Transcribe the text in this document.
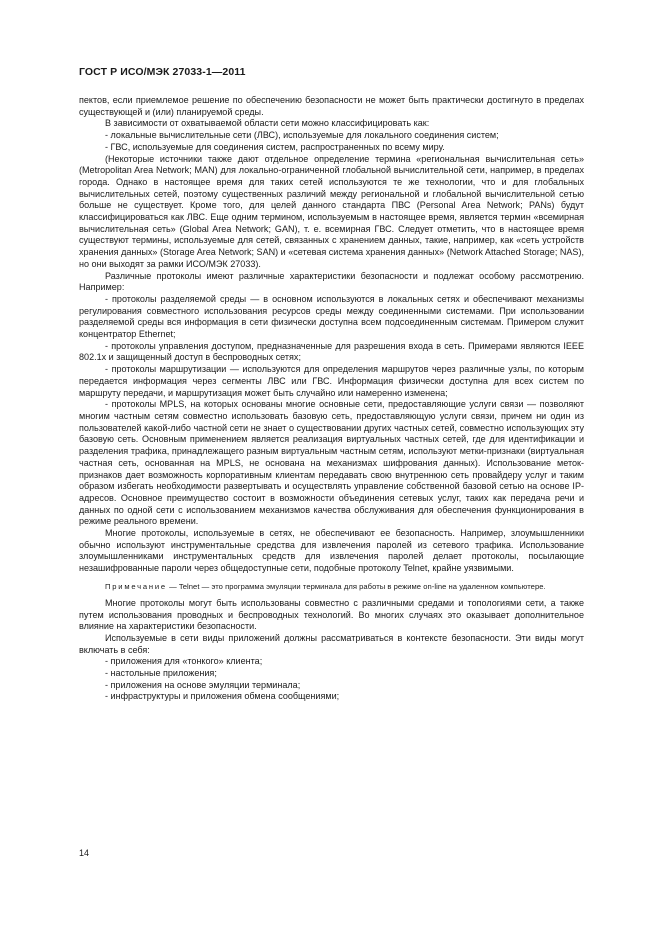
ГОСТ Р ИСО/МЭК 27033-1—2011

пектов, если приемлемое решение по обеспечению безопасности не может быть практически достигнуто в пределах существующей и (или) планируемой среды.

В зависимости от охватываемой области сети можно классифицировать как:

- локальные вычислительные сети (ЛВС), используемые для локального соединения систем;

- ГВС, используемые для соединения систем, распространенных по всему миру.

(Некоторые источники также дают отдельное определение термина «региональная вычислительная сеть» (Metropolitan Area Network; MAN) для локально-ограниченной глобальной вычислительной сети, например, в пределах города. Однако в настоящее время для таких сетей используются те же технологии, что и для глобальных вычислительных сетей, поэтому существенных различий между региональной и глобальной вычислительной сетью больше не существует. Кроме того, для целей данного стандарта ПВС (Personal Area Network; PANs) будут классифицироваться как ЛВС. Еще одним термином, используемым в настоящее время, является термин «всемирная вычислительная сеть» (Global Area Network; GAN), т. е. всемирная ГВС. Следует отметить, что в настоящее время существуют термины, используемые для сетей, связанных с хранением данных, такие, например, как «сеть устройств хранения данных» (Storage Area Network; SAN) и «сетевая система хранения данных» (Network Attached Storage; NAS), но они выходят за рамки ИСО/МЭК 27033).

Различные протоколы имеют различные характеристики безопасности и подлежат особому рассмотрению. Например:

- протоколы разделяемой среды — в основном используются в локальных сетях и обеспечивают механизмы регулирования совместного использования ресурсов среды между соединенными системами. При использовании разделяемой среды вся информация в сети физически доступна всем подсоединенным системам. Примером служит концентратор Ethernet;

- протоколы управления доступом, предназначенные для разрешения входа в сеть. Примерами являются IEEE 802.1x и защищенный доступ в беспроводных сетях;

- протоколы маршрутизации — используются для определения маршрутов через различные узлы, по которым передается информация через сегменты ЛВС или ГВС. Информация физически доступна для всех систем по маршруту передачи, и маршрутизация может быть случайно или намеренно изменена;

- протоколы MPLS, на которых основаны многие основные сети, предоставляющие услуги связи — позволяют многим частным сетям совместно использовать базовую сеть, предоставляющую услуги связи, причем ни один из пользователей какой-либо частной сети не знает о существовании других частных сетей, совместно использующих эту базовую сеть. Основным применением является реализация виртуальных частных сетей, где для идентификации и разделения трафика, принадлежащего разным виртуальным частным сетям, используют метки-признаки (виртуальная частная сеть, основанная на MPLS, не основана на механизмах шифрования данных). Использование меток-признаков дает возможность корпоративным клиентам передавать свою внутреннюю сеть провайдеру услуг и таким образом избегать необходимости развертывать и осуществлять управление собственной базовой сетью на основе IP-адресов. Основное преимущество состоит в возможности объединения сетевых услуг, таких как передача речи и данных по одной сети с использованием механизмов качества обслуживания для обеспечения функционирования в режиме реального времени.

Многие протоколы, используемые в сетях, не обеспечивают ее безопасность. Например, злоумышленники обычно используют инструментальные средства для извлечения паролей из сетевого трафика. Использование злоумышленниками инструментальных средств для извлечения паролей делает протоколы, посылающие незашифрованные пароли через общедоступные сети, подобные протоколу Telnet, крайне уязвимыми.

Примечание — Telnet — это программа эмуляции терминала для работы в режиме on-line на удаленном компьютере.

Многие протоколы могут быть использованы совместно с различными средами и топологиями сети, а также путем использования проводных и беспроводных технологий. Во многих случаях это оказывает дополнительное влияние на характеристики безопасности.

Используемые в сети виды приложений должны рассматриваться в контексте безопасности. Эти виды могут включать в себя:

- приложения для «тонкого» клиента;

- настольные приложения;

- приложения на основе эмуляции терминала;

- инфраструктуры и приложения обмена сообщениями;

14
